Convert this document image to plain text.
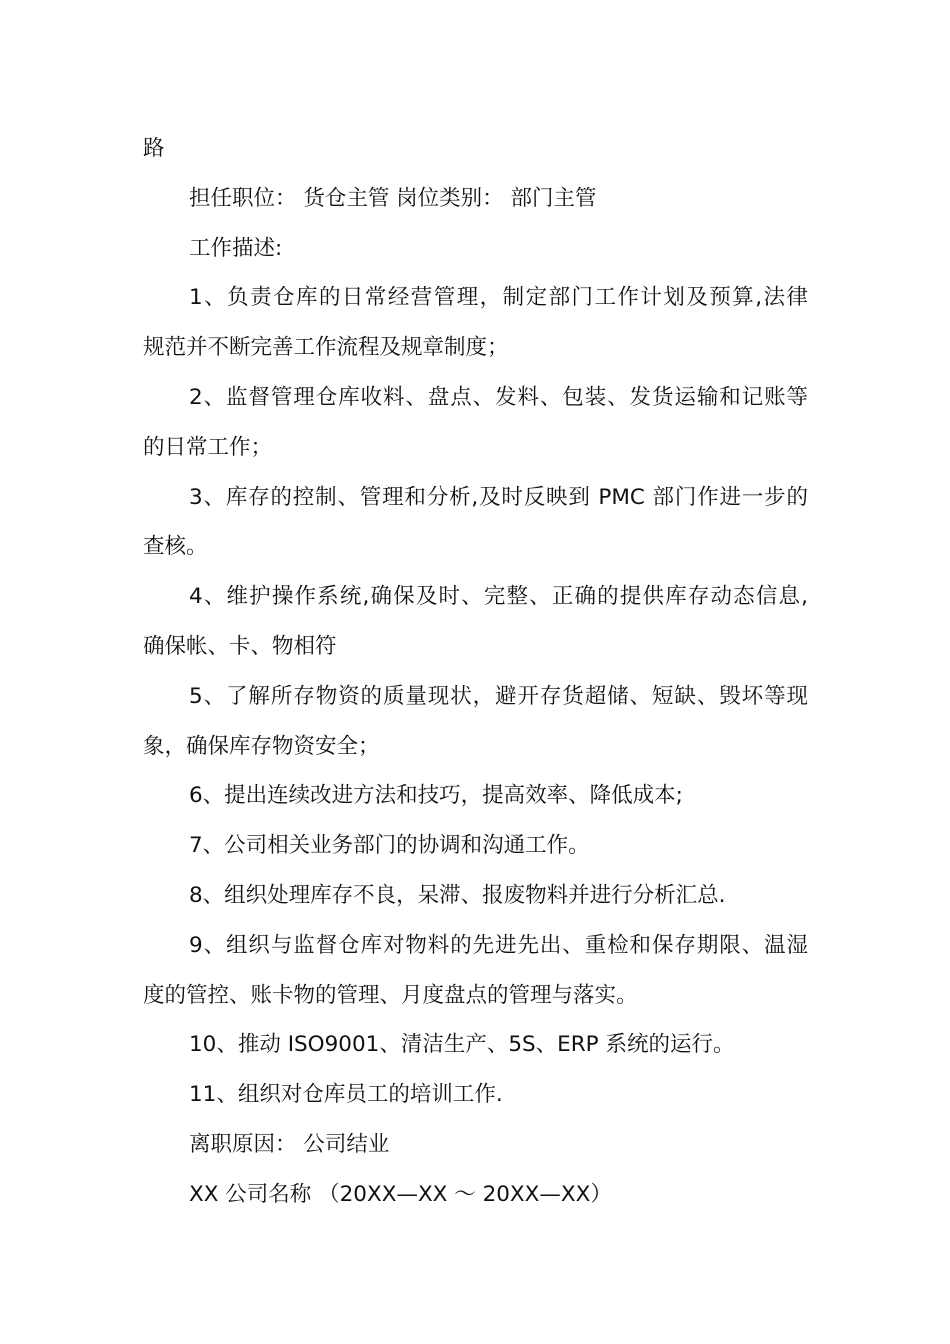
路
担任职位： 货仓主管 岗位类别： 部门主管
工作描述:
1、负责仓库的日常经营管理，制定部门工作计划及预算,法律
规范并不断完善工作流程及规章制度；
2、监督管理仓库收料、盘点、发料、包装、发货运输和记账等
的日常工作；
3、库存的控制、管理和分析,及时反映到 PMC 部门作进一步的
查核。
4、维护操作系统,确保及时、完整、正确的提供库存动态信息,
确保帐、卡、物相符
5、了解所存物资的质量现状，避开存货超储、短缺、毁坏等现
象，确保库存物资安全；
6、提出连续改进方法和技巧，提高效率、降低成本;
7、公司相关业务部门的协调和沟通工作。
8、组织处理库存不良，呆滞、报废物料并进行分析汇总.
9、组织与监督仓库对物料的先进先出、重检和保存期限、温湿
度的管控、账卡物的管理、月度盘点的管理与落实。
10、推动 ISO9001、清洁生产、5S、ERP 系统的运行。
11、组织对仓库员工的培训工作.
离职原因： 公司结业
XX 公司名称 （20XX—XX ～ 20XX—XX）
